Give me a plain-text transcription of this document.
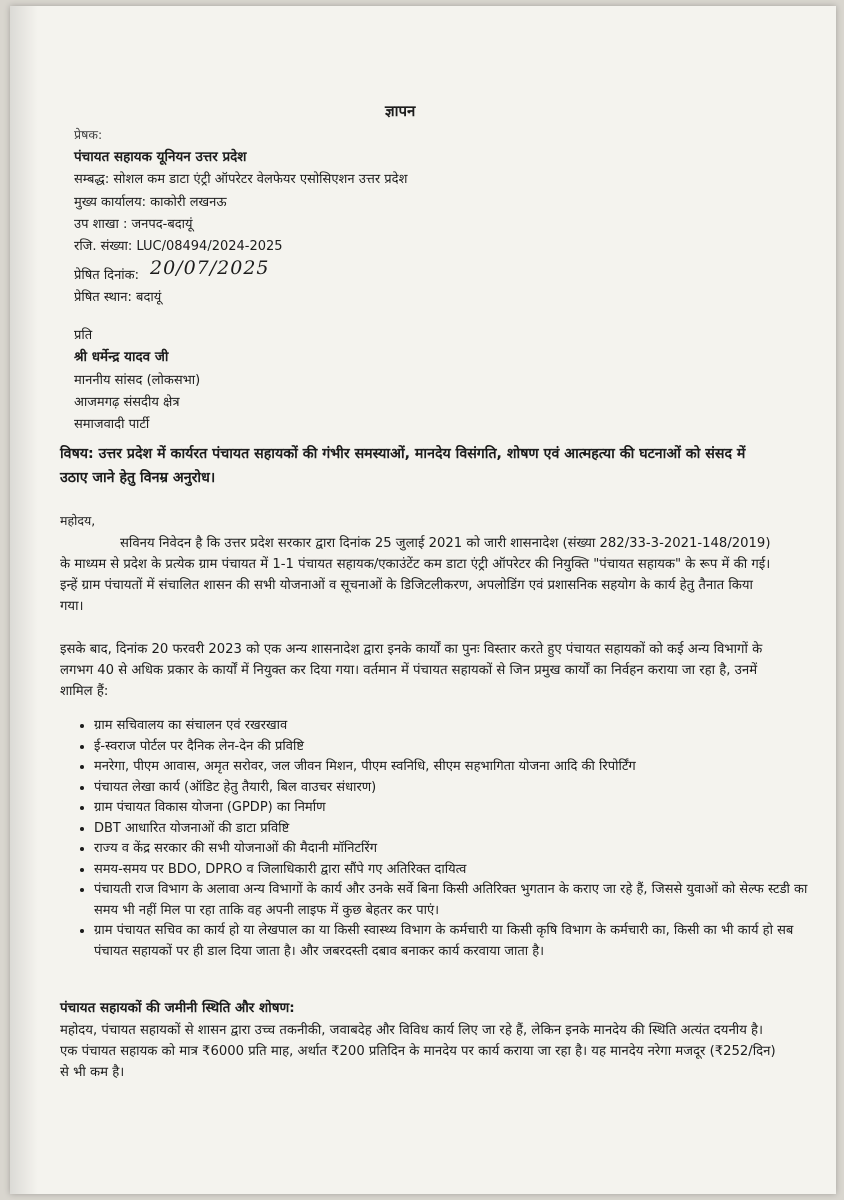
ज्ञापन
प्रेषक:
पंचायत सहायक यूनियन उत्तर प्रदेश
सम्बद्ध: सोशल कम डाटा एंट्री ऑपरेटर वेलफेयर एसोसिएशन उत्तर प्रदेश
मुख्य कार्यालय: काकोरी लखनऊ
उप शाखा : जनपद-बदायूं
रजि. संख्या: LUC/08494/2024-2025
प्रेषित दिनांक: 20/07/2025
प्रेषित स्थान: बदायूं
प्रति
श्री धर्मेन्द्र यादव जी
माननीय सांसद (लोकसभा)
आजमगढ़ संसदीय क्षेत्र
समाजवादी पार्टी
विषय: उत्तर प्रदेश में कार्यरत पंचायत सहायकों की गंभीर समस्याओं, मानदेय विसंगति, शोषण एवं आत्महत्या की घटनाओं को संसद में उठाए जाने हेतु विनम्र अनुरोध।
महोदय,
सविनय निवेदन है कि उत्तर प्रदेश सरकार द्वारा दिनांक 25 जुलाई 2021 को जारी शासनादेश (संख्या 282/33-3-2021-148/2019) के माध्यम से प्रदेश के प्रत्येक ग्राम पंचायत में 1-1 पंचायत सहायक/एकाउंटेंट कम डाटा एंट्री ऑपरेटर की नियुक्ति "पंचायत सहायक" के रूप में की गई। इन्हें ग्राम पंचायतों में संचालित शासन की सभी योजनाओं व सूचनाओं के डिजिटलीकरण, अपलोडिंग एवं प्रशासनिक सहयोग के कार्य हेतु तैनात किया गया।
इसके बाद, दिनांक 20 फरवरी 2023 को एक अन्य शासनादेश द्वारा इनके कार्यों का पुनः विस्तार करते हुए पंचायत सहायकों को कई अन्य विभागों के लगभग 40 से अधिक प्रकार के कार्यों में नियुक्त कर दिया गया। वर्तमान में पंचायत सहायकों से जिन प्रमुख कार्यों का निर्वहन कराया जा रहा है, उनमें शामिल हैं:
• ग्राम सचिवालय का संचालन एवं रखरखाव
• ई-स्वराज पोर्टल पर दैनिक लेन-देन की प्रविष्टि
• मनरेगा, पीएम आवास, अमृत सरोवर, जल जीवन मिशन, पीएम स्वनिधि, सीएम सहभागिता योजना आदि की रिपोर्टिंग
• पंचायत लेखा कार्य (ऑडिट हेतु तैयारी, बिल वाउचर संधारण)
• ग्राम पंचायत विकास योजना (GPDP) का निर्माण
• DBT आधारित योजनाओं की डाटा प्रविष्टि
• राज्य व केंद्र सरकार की सभी योजनाओं की मैदानी मॉनिटरिंग
• समय-समय पर BDO, DPRO व जिलाधिकारी द्वारा सौंपे गए अतिरिक्त दायित्व
• पंचायती राज विभाग के अलावा अन्य विभागों के कार्य और उनके सर्वे बिना किसी अतिरिक्त भुगतान के कराए जा रहे हैं, जिससे युवाओं को सेल्फ स्टडी का समय भी नहीं मिल पा रहा ताकि वह अपनी लाइफ में कुछ बेहतर कर पाएं।
• ग्राम पंचायत सचिव का कार्य हो या लेखपाल का या किसी स्वास्थ्य विभाग के कर्मचारी या किसी कृषि विभाग के कर्मचारी का, किसी का भी कार्य हो सब पंचायत सहायकों पर ही डाल दिया जाता है। और जबरदस्ती दबाव बनाकर कार्य करवाया जाता है।
पंचायत सहायकों की जमीनी स्थिति और शोषण:
महोदय, पंचायत सहायकों से शासन द्वारा उच्च तकनीकी, जवाबदेह और विविध कार्य लिए जा रहे हैं, लेकिन इनके मानदेय की स्थिति अत्यंत दयनीय है। एक पंचायत सहायक को मात्र ₹6000 प्रति माह, अर्थात ₹200 प्रतिदिन के मानदेय पर कार्य कराया जा रहा है। यह मानदेय नरेगा मजदूर (₹252/दिन) से भी कम है।
